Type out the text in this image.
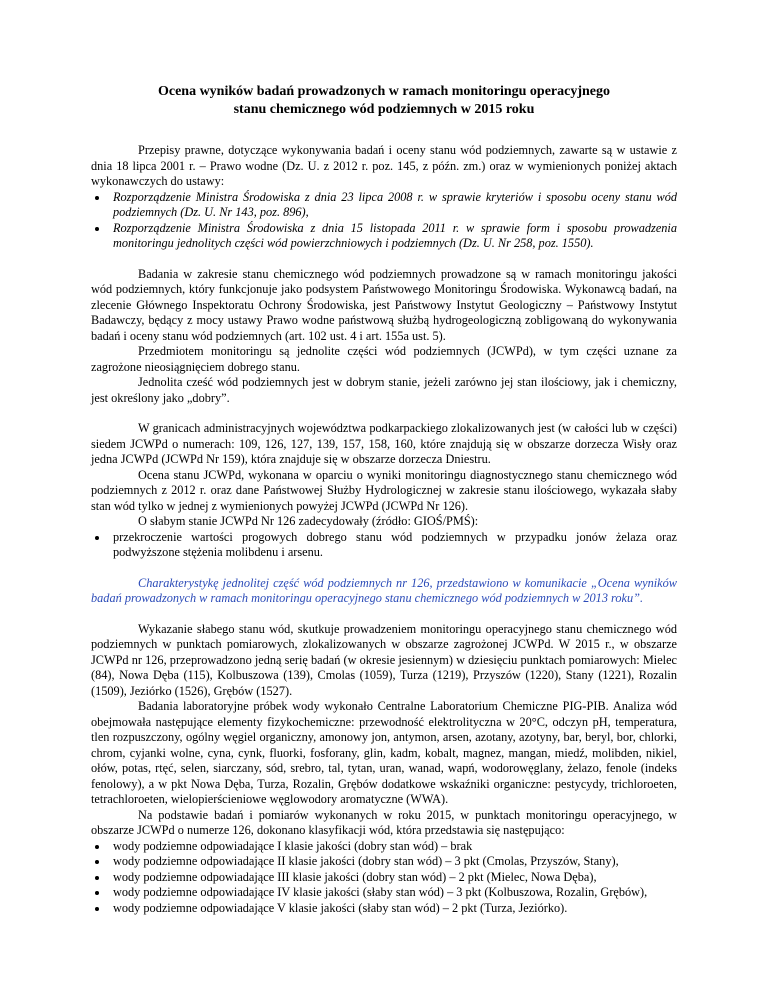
Ocena wyników badań prowadzonych w ramach monitoringu operacyjnego
stanu chemicznego wód podziemnych w 2015 roku

Przepisy prawne, dotyczące wykonywania badań i oceny stanu wód podziemnych, zawarte są w ustawie z dnia 18 lipca 2001 r. – Prawo wodne (Dz. U. z 2012 r. poz. 145, z późn. zm.) oraz w wymienionych poniżej aktach wykonawczych do ustawy:

Rozporządzenie Ministra Środowiska z dnia 23 lipca 2008 r. w sprawie kryteriów i sposobu oceny stanu wód podziemnych (Dz. U. Nr 143, poz. 896),
Rozporządzenie Ministra Środowiska z dnia 15 listopada 2011 r. w sprawie form i sposobu prowadzenia monitoringu jednolitych części wód powierzchniowych i podziemnych (Dz. U. Nr 258, poz. 1550).

Badania w zakresie stanu chemicznego wód podziemnych prowadzone są w ramach monitoringu jakości wód podziemnych, który funkcjonuje jako podsystem Państwowego Monitoringu Środowiska. Wykonawcą badań, na zlecenie Głównego Inspektoratu Ochrony Środowiska, jest Państwowy Instytut Geologiczny – Państwowy Instytut Badawczy, będący z mocy ustawy Prawo wodne państwową służbą hydrogeologiczną zobligowaną do wykonywania badań i oceny stanu wód podziemnych (art. 102 ust. 4 i art. 155a ust. 5).

Przedmiotem monitoringu są jednolite części wód podziemnych (JCWPd), w tym części uznane za zagrożone nieosiągnięciem dobrego stanu.

Jednolita cześć wód podziemnych jest w dobrym stanie, jeżeli zarówno jej stan ilościowy, jak i chemiczny, jest określony jako „dobry”.

W granicach administracyjnych województwa podkarpackiego zlokalizowanych jest (w całości lub w części) siedem JCWPd o numerach: 109, 126, 127, 139, 157, 158, 160, które znajdują się w obszarze dorzecza Wisły oraz jedna JCWPd (JCWPd Nr 159), która znajduje się w obszarze dorzecza Dniestru.

Ocena stanu JCWPd, wykonana w oparciu o wyniki monitoringu diagnostycznego stanu chemicznego wód podziemnych z 2012 r. oraz dane Państwowej Służby Hydrologicznej w zakresie stanu ilościowego, wykazała słaby stan wód tylko w jednej z wymienionych powyżej JCWPd (JCWPd Nr 126).

O słabym stanie JCWPd Nr 126 zadecydowały (źródło: GIOŚ/PMŚ):

przekroczenie wartości progowych dobrego stanu wód podziemnych w przypadku jonów żelaza oraz podwyższone stężenia molibdenu i arsenu.

Charakterystykę jednolitej część wód podziemnych nr 126, przedstawiono w komunikacie „Ocena wyników badań prowadzonych w ramach monitoringu operacyjnego stanu chemicznego wód podziemnych w 2013 roku”.

Wykazanie słabego stanu wód, skutkuje prowadzeniem monitoringu operacyjnego stanu chemicznego wód podziemnych w punktach pomiarowych, zlokalizowanych w obszarze zagrożonej JCWPd. W 2015 r., w obszarze JCWPd nr 126, przeprowadzono jedną serię badań (w okresie jesiennym) w dziesięciu punktach pomiarowych: Mielec (84), Nowa Dęba (115), Kolbuszowa (139), Cmolas (1059), Turza (1219), Przyszów (1220), Stany (1221), Rozalin (1509), Jeziórko (1526), Grębów (1527).

Badania laboratoryjne próbek wody wykonało Centralne Laboratorium Chemiczne PIG-PIB. Analiza wód obejmowała następujące elementy fizykochemiczne: przewodność elektrolityczna w 20°C, odczyn pH, temperatura, tlen rozpuszczony, ogólny węgiel organiczny, amonowy jon, antymon, arsen, azotany, azotyny, bar, beryl, bor, chlorki, chrom, cyjanki wolne, cyna, cynk, fluorki, fosforany, glin, kadm, kobalt, magnez, mangan, miedź, molibden, nikiel, ołów, potas, rtęć, selen, siarczany, sód, srebro, tal, tytan, uran, wanad, wapń, wodorowęglany, żelazo, fenole (indeks fenolowy), a w pkt Nowa Dęba, Turza, Rozalin, Grębów dodatkowe wskaźniki organiczne: pestycydy, trichloroeten, tetrachloroeten, wielopierścieniowe węglowodory aromatyczne (WWA).

Na podstawie badań i pomiarów wykonanych w roku 2015, w punktach monitoringu operacyjnego, w obszarze JCWPd o numerze 126, dokonano klasyfikacji wód, która przedstawia się następująco:

wody podziemne odpowiadające I klasie jakości (dobry stan wód) – brak
wody podziemne odpowiadające II klasie jakości (dobry stan wód) – 3 pkt (Cmolas, Przyszów, Stany),
wody podziemne odpowiadające III klasie jakości (dobry stan wód) – 2 pkt (Mielec, Nowa Dęba),
wody podziemne odpowiadające IV klasie jakości (słaby stan wód) – 3 pkt (Kolbuszowa, Rozalin, Grębów),
wody podziemne odpowiadające V klasie jakości (słaby stan wód) – 2 pkt (Turza, Jeziórko).
